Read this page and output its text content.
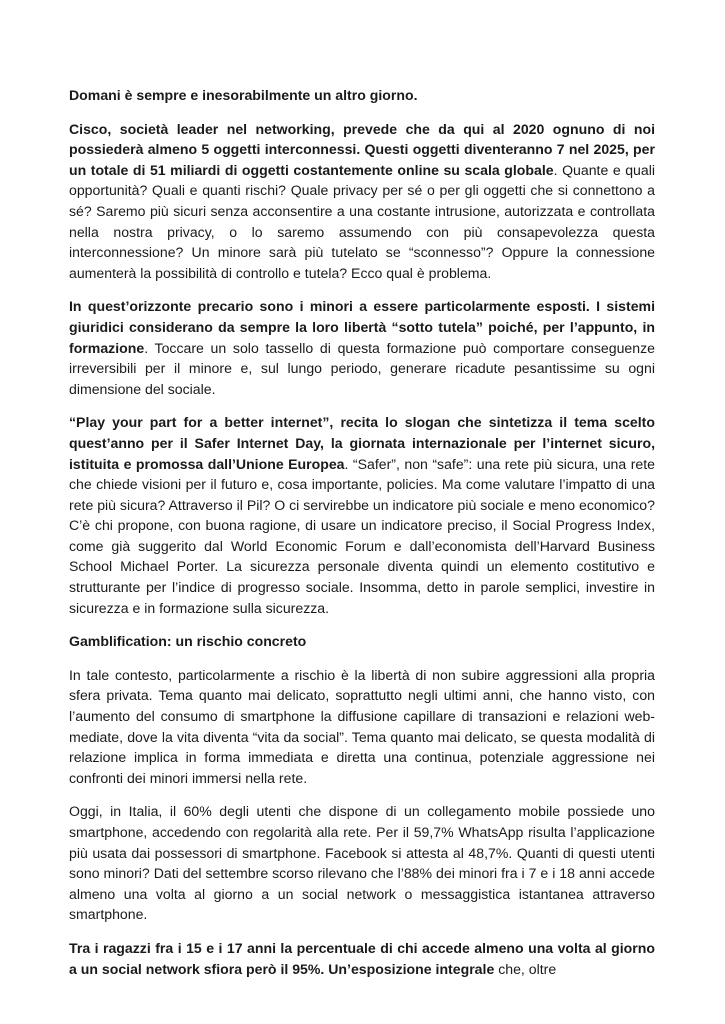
Domani è sempre e inesorabilmente un altro giorno.

Cisco, società leader nel networking, prevede che da qui al 2020 ognuno di noi possiederà almeno 5 oggetti interconnessi. Questi oggetti diventeranno 7 nel 2025, per un totale di 51 miliardi di oggetti costantemente online su scala globale. Quante e quali opportunità? Quali e quanti rischi? Quale privacy per sé o per gli oggetti che si connettono a sé? Saremo più sicuri senza acconsentire a una costante intrusione, autorizzata e controllata nella nostra privacy, o lo saremo assumendo con più consapevolezza questa interconnessione? Un minore sarà più tutelato se “sconnesso”? Oppure la connessione aumenterà la possibilità di controllo e tutela? Ecco qual è problema.

In quest’orizzonte precario sono i minori a essere particolarmente esposti. I sistemi giuridici considerano da sempre la loro libertà “sotto tutela” poiché, per l’appunto, in formazione. Toccare un solo tassello di questa formazione può comportare conseguenze irreversibili per il minore e, sul lungo periodo, generare ricadute pesantissime su ogni dimensione del sociale.

“Play your part for a better internet”, recita lo slogan che sintetizza il tema scelto quest’anno per il Safer Internet Day, la giornata internazionale per l’internet sicuro, istituita e promossa dall’Unione Europea. “Safer”, non “safe”: una rete più sicura, una rete che chiede visioni per il futuro e, cosa importante, policies. Ma come valutare l’impatto di una rete più sicura? Attraverso il Pil? O ci servirebbe un indicatore più sociale e meno economico? C’è chi propone, con buona ragione, di usare un indicatore preciso, il Social Progress Index, come già suggerito dal World Economic Forum e dall’economista dell’Harvard Business School Michael Porter. La sicurezza personale diventa quindi un elemento costitutivo e strutturante per l’indice di progresso sociale. Insomma, detto in parole semplici, investire in sicurezza e in formazione sulla sicurezza.

Gamblification: un rischio concreto

In tale contesto, particolarmente a rischio è la libertà di non subire aggressioni alla propria sfera privata. Tema quanto mai delicato, soprattutto negli ultimi anni, che hanno visto, con l’aumento del consumo di smartphone la diffusione capillare di transazioni e relazioni web-mediate, dove la vita diventa “vita da social”. Tema quanto mai delicato, se questa modalità di relazione implica in forma immediata e diretta una continua, potenziale aggressione nei confronti dei minori immersi nella rete.

Oggi, in Italia, il 60% degli utenti che dispone di un collegamento mobile possiede uno smartphone, accedendo con regolarità alla rete. Per il 59,7% WhatsApp risulta l’applicazione più usata dai possessori di smartphone. Facebook si attesta al 48,7%. Quanti di questi utenti sono minori? Dati del settembre scorso rilevano che l’88% dei minori fra i 7 e i 18 anni accede almeno una volta al giorno a un social network o messaggistica istantanea attraverso smartphone.

Tra i ragazzi fra i 15 e i 17 anni la percentuale di chi accede almeno una volta al giorno a un social network sfiora però il 95%. Un’esposizione integrale che, oltre
